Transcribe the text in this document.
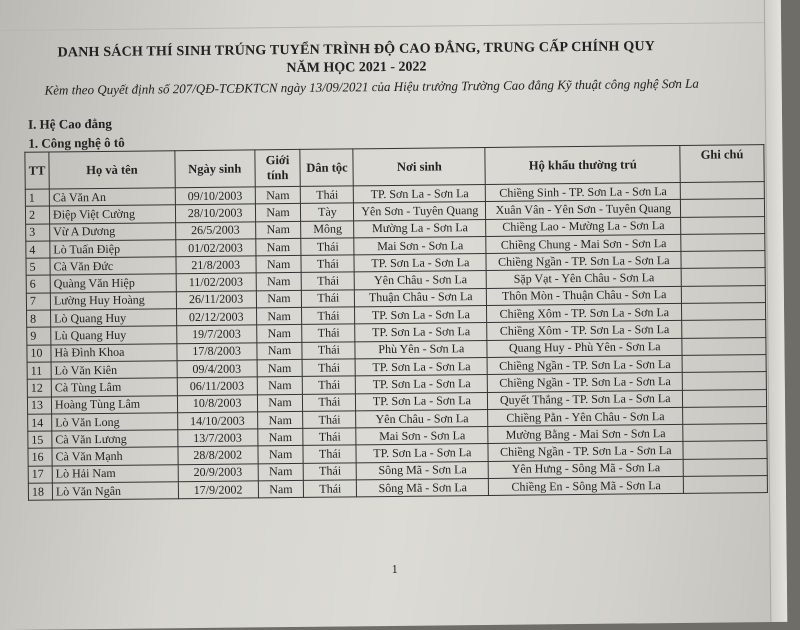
DANH SÁCH THÍ SINH TRÚNG TUYỂN TRÌNH ĐỘ CAO ĐẲNG, TRUNG CẤP CHÍNH QUY
NĂM HỌC 2021 - 2022
Kèm theo Quyết định số 207/QĐ-TCĐKTCN ngày 13/09/2021 của Hiệu trưởng Trường Cao đẳng Kỹ thuật công nghệ Sơn La
I. Hệ Cao đẳng
1. Công nghệ ô tô
TT	Họ và tên	Ngày sinh	Giới tính	Dân tộc	Nơi sinh	Hộ khẩu thường trú	Ghi chú
1	Cà Văn An	09/10/2003	Nam	Thái	TP. Sơn La - Sơn La	Chiềng Sinh - TP. Sơn La - Sơn La	
2	Điệp Việt Cường	28/10/2003	Nam	Tày	Yên Sơn - Tuyên Quang	Xuân Vân - Yên Sơn - Tuyên Quang	
3	Vừ A Dương	26/5/2003	Nam	Mông	Mường La - Sơn La	Chiềng Lao - Mường La - Sơn La	
4	Lò Tuấn Điệp	01/02/2003	Nam	Thái	Mai Sơn - Sơn La	Chiềng Chung - Mai Sơn - Sơn La	
5	Cà Văn Đức	21/8/2003	Nam	Thái	TP. Sơn La - Sơn La	Chiềng Ngần - TP. Sơn La - Sơn La	
6	Quàng Văn Hiệp	11/02/2003	Nam	Thái	Yên Châu - Sơn La	Sặp Vạt - Yên Châu - Sơn La	
7	Lường Huy Hoàng	26/11/2003	Nam	Thái	Thuận Châu - Sơn La	Thôn Mòn - Thuận Châu - Sơn La	
8	Lò Quang Huy	02/12/2003	Nam	Thái	TP. Sơn La - Sơn La	Chiềng Xôm - TP. Sơn La - Sơn La	
9	Lù Quang Huy	19/7/2003	Nam	Thái	TP. Sơn La - Sơn La	Chiềng Xôm - TP. Sơn La - Sơn La	
10	Hà Đình Khoa	17/8/2003	Nam	Thái	Phù Yên - Sơn La	Quang Huy - Phù Yên - Sơn La	
11	Lò Văn Kiên	09/4/2003	Nam	Thái	TP. Sơn La - Sơn La	Chiềng Ngần - TP. Sơn La - Sơn La	
12	Cà Tùng Lâm	06/11/2003	Nam	Thái	TP. Sơn La - Sơn La	Chiềng Ngần - TP. Sơn La - Sơn La	
13	Hoàng Tùng Lâm	10/8/2003	Nam	Thái	TP. Sơn La - Sơn La	Quyết Thắng - TP. Sơn La - Sơn La	
14	Lò Văn Long	14/10/2003	Nam	Thái	Yên Châu - Sơn La	Chiềng Pằn - Yên Châu - Sơn La	
15	Cà Văn Lương	13/7/2003	Nam	Thái	Mai Sơn - Sơn La	Mường Bằng - Mai Sơn - Sơn La	
16	Cà Văn Mạnh	28/8/2002	Nam	Thái	TP. Sơn La - Sơn La	Chiềng Ngần - TP. Sơn La - Sơn La	
17	Lò Hải Nam	20/9/2003	Nam	Thái	Sông Mã - Sơn La	Yên Hưng - Sông Mã - Sơn La	
18	Lò Văn Ngân	17/9/2002	Nam	Thái	Sông Mã - Sơn La	Chiềng En - Sông Mã - Sơn La	
1
